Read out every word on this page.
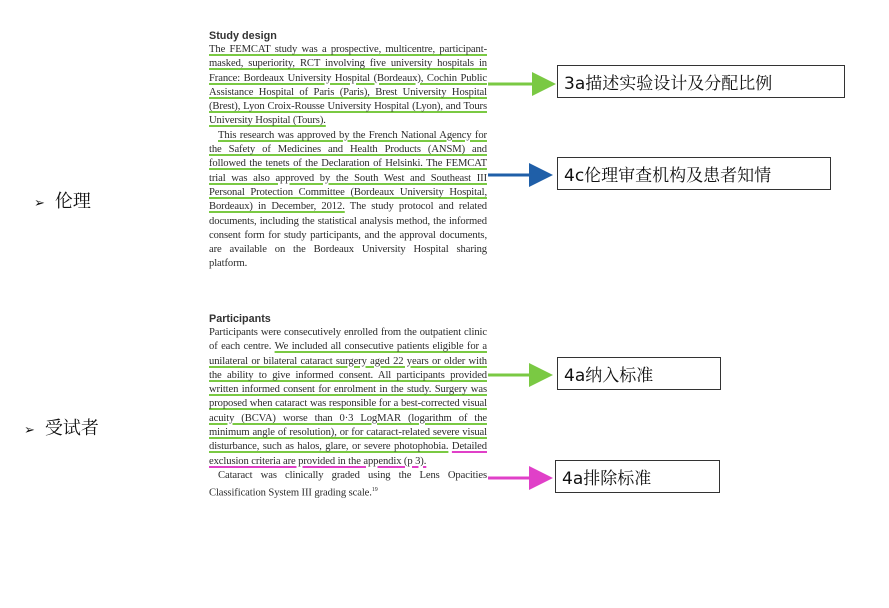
➢ 伦理
➢ 受试者
Study design

The FEMCAT study was a prospective, multicentre, participant-masked, superiority, RCT involving five university hospitals in France: Bordeaux University Hospital (Bordeaux), Cochin Public Assistance Hospital of Paris (Paris), Brest University Hospital (Brest), Lyon Croix-Rousse University Hospital (Lyon), and Tours University Hospital (Tours).

This research was approved by the French National Agency for the Safety of Medicines and Health Products (ANSM) and followed the tenets of the Declaration of Helsinki. The FEMCAT trial was also approved by the South West and Southeast III Personal Protection Committee (Bordeaux University Hospital, Bordeaux) in December, 2012. The study protocol and related documents, including the statistical analysis method, the informed consent form for study participants, and the approval documents, are available on the Bordeaux University Hospital sharing platform.

Participants

Participants were consecutively enrolled from the outpatient clinic of each centre. We included all consecutive patients eligible for a unilateral or bilateral cataract surgery aged 22 years or older with the ability to give informed consent. All participants provided written informed consent for enrolment in the study. Surgery was proposed when cataract was responsible for a best-corrected visual acuity (BCVA) worse than 0·3 LogMAR (logarithm of the minimum angle of resolution), or for cataract-related severe visual disturbance, such as halos, glare, or severe photophobia. Detailed exclusion criteria are provided in the appendix (p 3).

Cataract was clinically graded using the Lens Opacities Classification System III grading scale.$^{19}$

3a描述实验设计及分配比例
4c伦理审查机构及患者知情
4a纳入标准
4a排除标准
